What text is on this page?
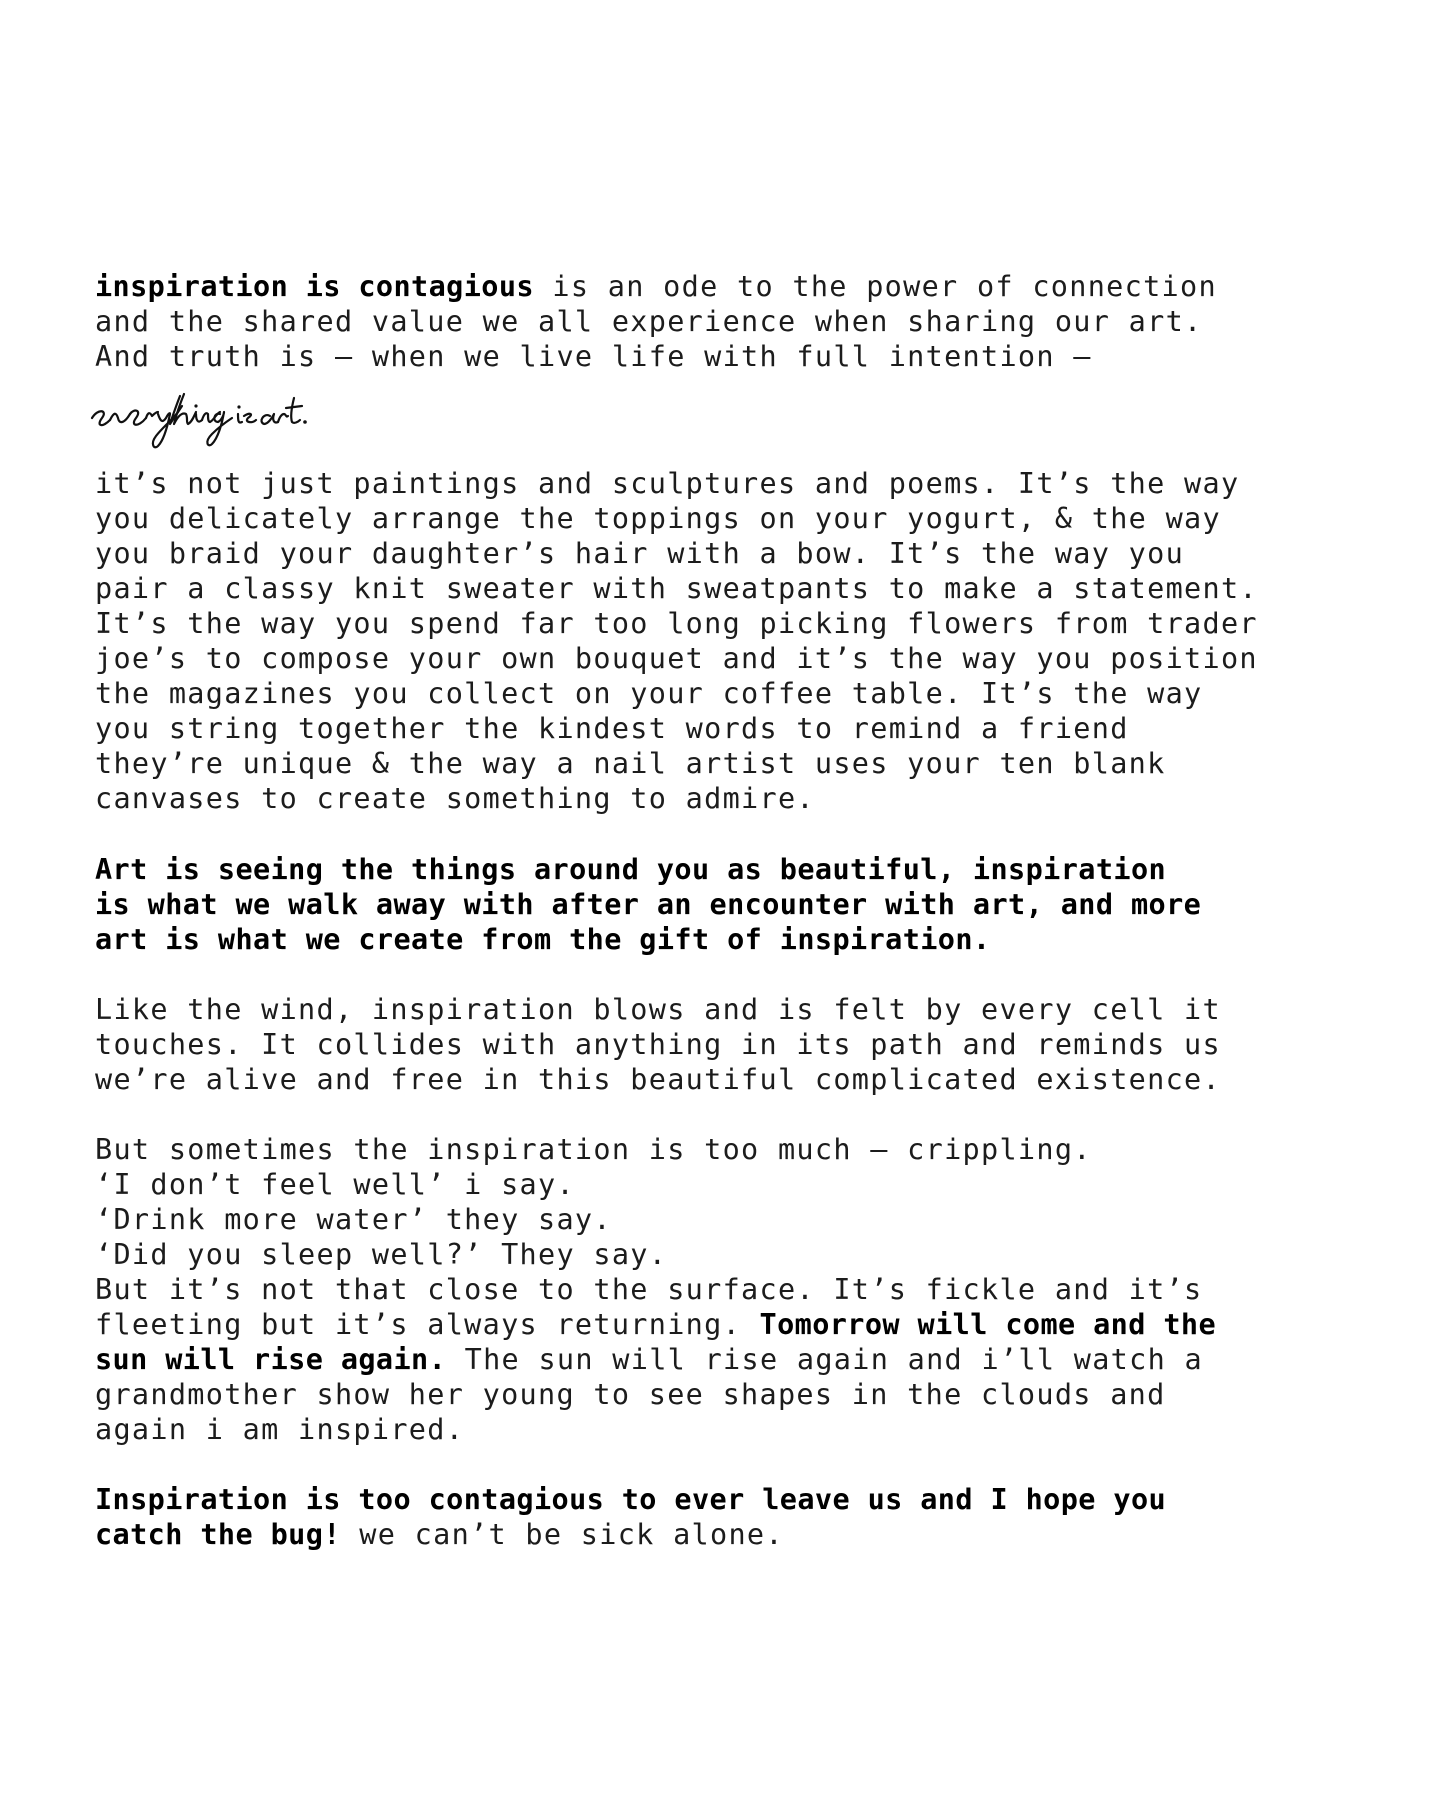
inspiration is contagious is an ode to the power of connection
and the shared value we all experience when sharing our art.
And truth is – when we live life with full intention –

everything is art.

it’s not just paintings and sculptures and poems. It’s the way
you delicately arrange the toppings on your yogurt, & the way
you braid your daughter’s hair with a bow. It’s the way you
pair a classy knit sweater with sweatpants to make a statement.
It’s the way you spend far too long picking flowers from trader
joe’s to compose your own bouquet and it’s the way you position
the magazines you collect on your coffee table. It’s the way
you string together the kindest words to remind a friend
they’re unique & the way a nail artist uses your ten blank
canvases to create something to admire.

Art is seeing the things around you as beautiful, inspiration
is what we walk away with after an encounter with art, and more
art is what we create from the gift of inspiration.

Like the wind, inspiration blows and is felt by every cell it
touches. It collides with anything in its path and reminds us
we’re alive and free in this beautiful complicated existence.

But sometimes the inspiration is too much – crippling.
‘I don’t feel well’ i say.
‘Drink more water’ they say.
‘Did you sleep well?’ They say.
But it’s not that close to the surface. It’s fickle and it’s
fleeting but it’s always returning. Tomorrow will come and the
sun will rise again. The sun will rise again and i’ll watch a
grandmother show her young to see shapes in the clouds and
again i am inspired.

Inspiration is too contagious to ever leave us and I hope you
catch the bug! we can’t be sick alone.
